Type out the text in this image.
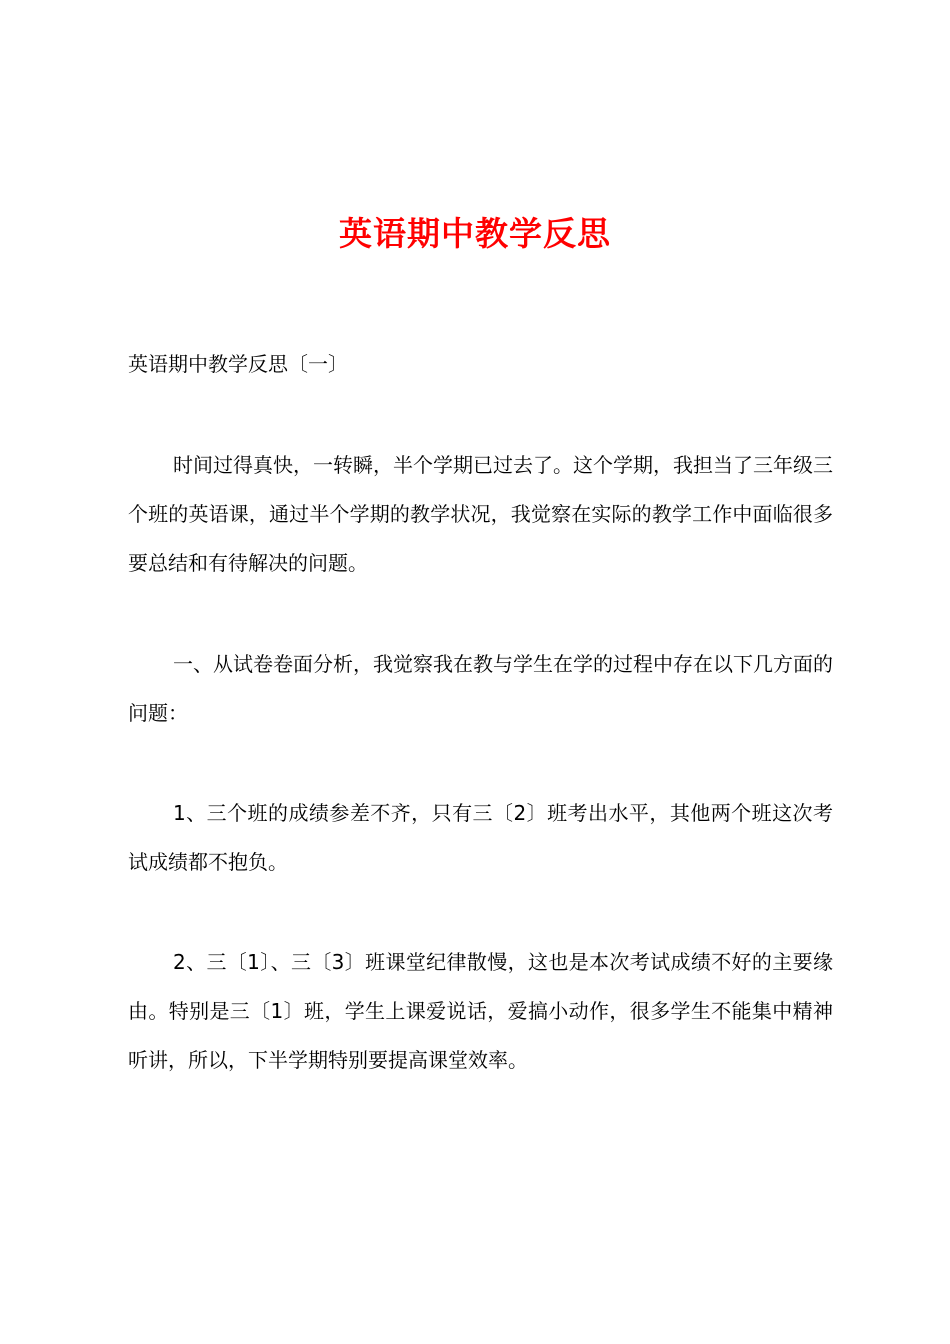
英语期中教学反思
英语期中教学反思〔一〕

时间过得真快，一转瞬，半个学期已过去了。这个学期，我担当了三年级三个班的英语课，通过半个学期的教学状况，我觉察在实际的教学工作中面临很多要总结和有待解决的问题。

一、从试卷卷面分析，我觉察我在教与学生在学的过程中存在以下几方面的问题：

1、三个班的成绩参差不齐，只有三〔2〕班考出水平，其他两个班这次考试成绩都不抱负。

2、三〔1〕、三〔3〕班课堂纪律散慢，这也是本次考试成绩不好的主要缘由。特别是三〔1〕班，学生上课爱说话，爱搞小动作，很多学生不能集中精神听讲，所以，下半学期特别要提高课堂效率。
